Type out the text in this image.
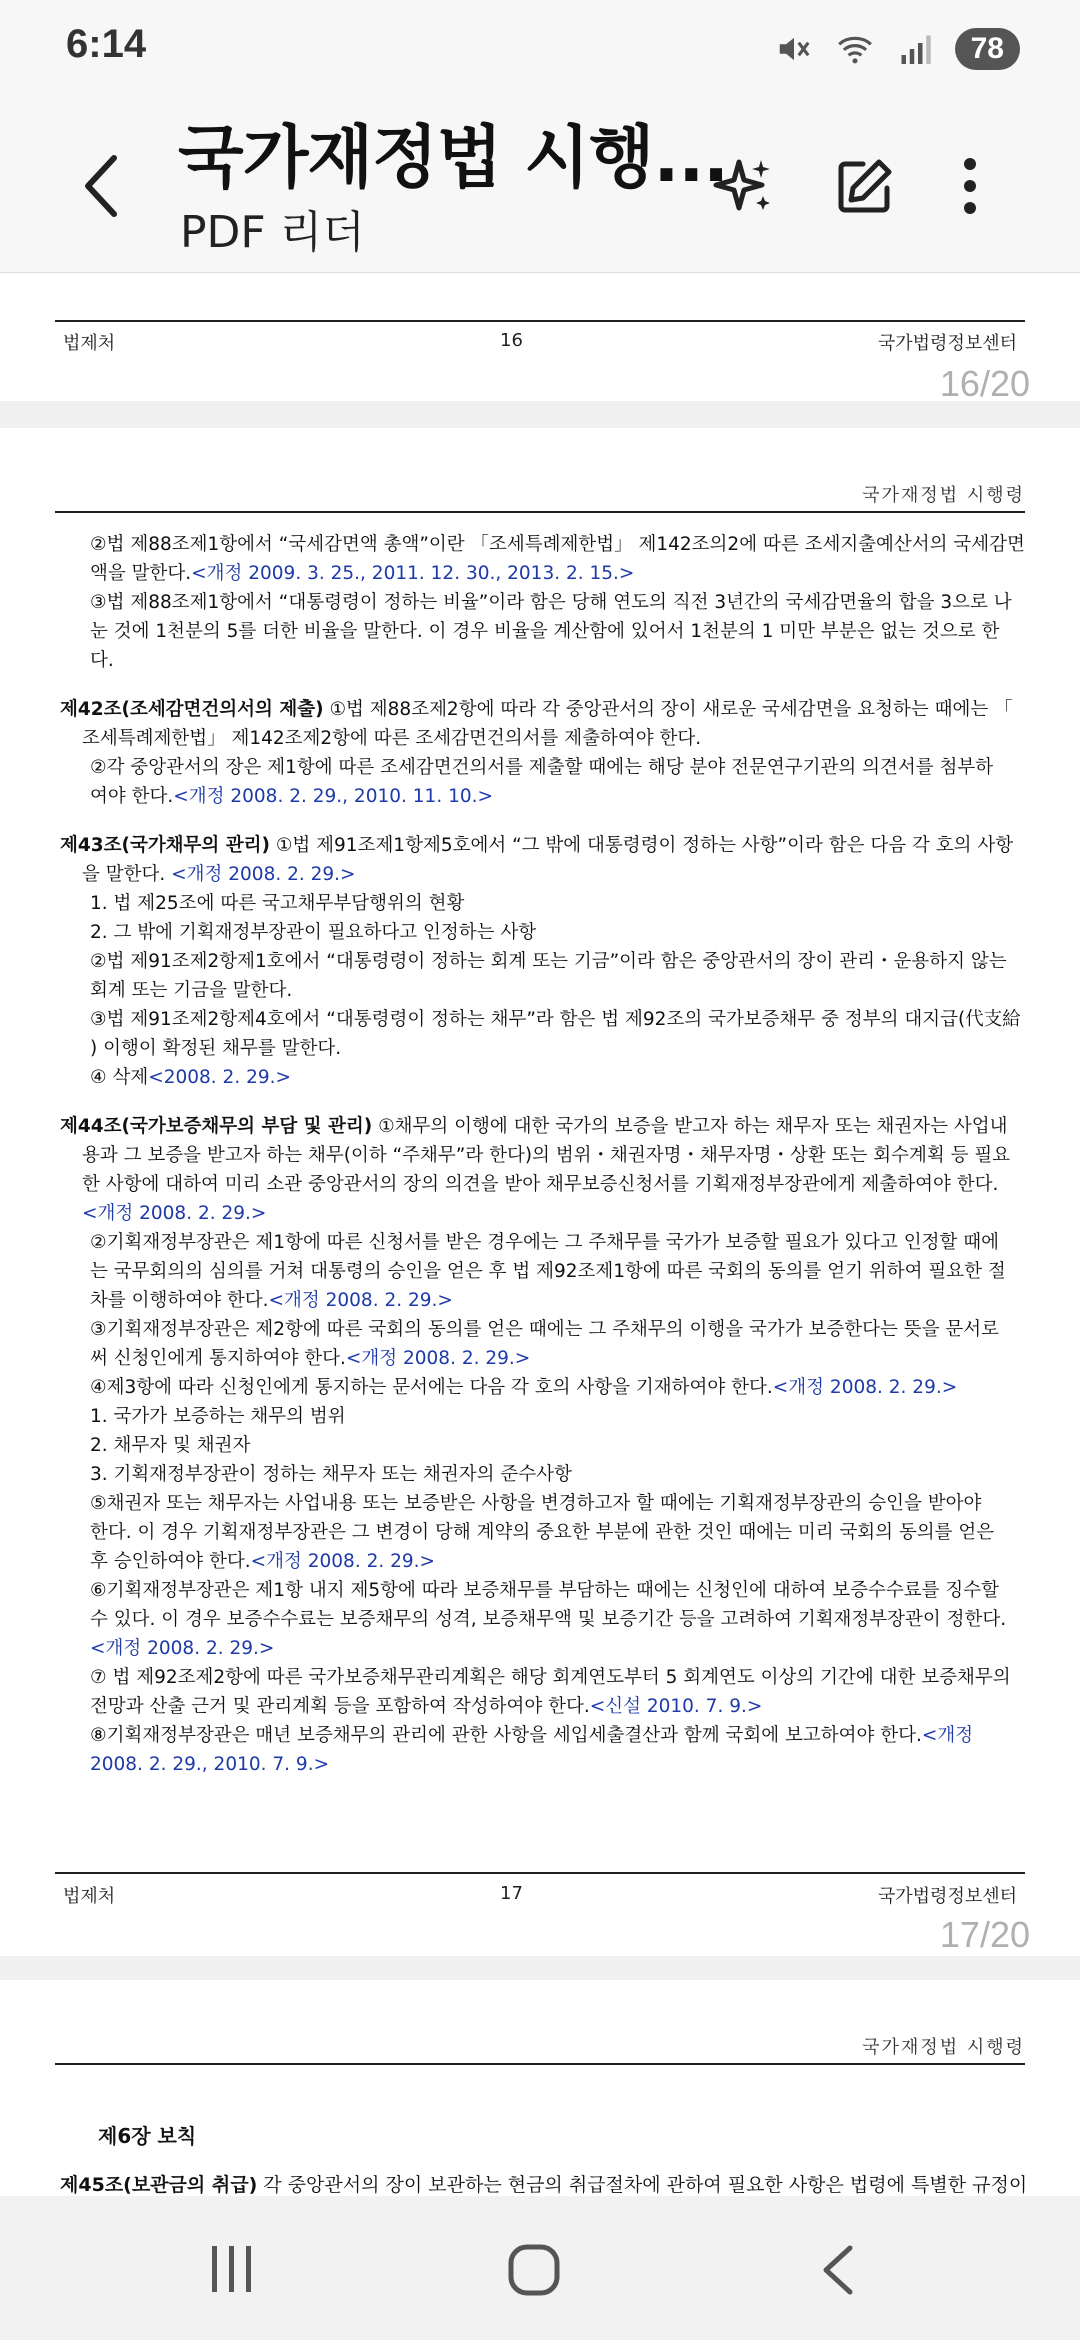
6:14	78
국가재정법 시행...
PDF 리더
법제처	16	국가법령정보센터
16/20
국가재정법 시행령
법제처	17	국가법령정보센터
17/20
②법 제88조제1항에서 “국세감면액 총액”이란 「조세특례제한법」 제142조의2에 따른 조세지출예산서의 국세감면
액을 말한다.<개정 2009. 3. 25., 2011. 12. 30., 2013. 2. 15.>
③법 제88조제1항에서 “대통령령이 정하는 비율”이라 함은 당해 연도의 직전 3년간의 국세감면율의 합을 3으로 나
눈 것에 1천분의 5를 더한 비율을 말한다. 이 경우 비율을 계산함에 있어서 1천분의 1 미만 부분은 없는 것으로 한
다.
제42조(조세감면건의서의 제출) ①법 제88조제2항에 따라 각 중앙관서의 장이 새로운 국세감면을 요청하는 때에는 「
조세특례제한법」 제142조제2항에 따른 조세감면건의서를 제출하여야 한다.
②각 중앙관서의 장은 제1항에 따른 조세감면건의서를 제출할 때에는 해당 분야 전문연구기관의 의견서를 첨부하
여야 한다.<개정 2008. 2. 29., 2010. 11. 10.>
제43조(국가채무의 관리) ①법 제91조제1항제5호에서 “그 밖에 대통령령이 정하는 사항”이라 함은 다음 각 호의 사항
을 말한다. <개정 2008. 2. 29.>
1. 법 제25조에 따른 국고채무부담행위의 현황
2. 그 밖에 기획재정부장관이 필요하다고 인정하는 사항
②법 제91조제2항제1호에서 “대통령령이 정하는 회계 또는 기금”이라 함은 중앙관서의 장이 관리・운용하지 않는
회계 또는 기금을 말한다.
③법 제91조제2항제4호에서 “대통령령이 정하는 채무”라 함은 법 제92조의 국가보증채무 중 정부의 대지급(代支給
) 이행이 확정된 채무를 말한다.
④ 삭제<2008. 2. 29.>
제44조(국가보증채무의 부담 및 관리) ①채무의 이행에 대한 국가의 보증을 받고자 하는 채무자 또는 채권자는 사업내
용과 그 보증을 받고자 하는 채무(이하 “주채무”라 한다)의 범위・채권자명・채무자명・상환 또는 회수계획 등 필요
한 사항에 대하여 미리 소관 중앙관서의 장의 의견을 받아 채무보증신청서를 기획재정부장관에게 제출하여야 한다.
<개정 2008. 2. 29.>
②기획재정부장관은 제1항에 따른 신청서를 받은 경우에는 그 주채무를 국가가 보증할 필요가 있다고 인정할 때에
는 국무회의의 심의를 거쳐 대통령의 승인을 얻은 후 법 제92조제1항에 따른 국회의 동의를 얻기 위하여 필요한 절
차를 이행하여야 한다.<개정 2008. 2. 29.>
③기획재정부장관은 제2항에 따른 국회의 동의를 얻은 때에는 그 주채무의 이행을 국가가 보증한다는 뜻을 문서로
써 신청인에게 통지하여야 한다.<개정 2008. 2. 29.>
④제3항에 따라 신청인에게 통지하는 문서에는 다음 각 호의 사항을 기재하여야 한다.<개정 2008. 2. 29.>
1. 국가가 보증하는 채무의 범위
2. 채무자 및 채권자
3. 기획재정부장관이 정하는 채무자 또는 채권자의 준수사항
⑤채권자 또는 채무자는 사업내용 또는 보증받은 사항을 변경하고자 할 때에는 기획재정부장관의 승인을 받아야
한다. 이 경우 기획재정부장관은 그 변경이 당해 계약의 중요한 부분에 관한 것인 때에는 미리 국회의 동의를 얻은
후 승인하여야 한다.<개정 2008. 2. 29.>
⑥기획재정부장관은 제1항 내지 제5항에 따라 보증채무를 부담하는 때에는 신청인에 대하여 보증수수료를 징수할
수 있다. 이 경우 보증수수료는 보증채무의 성격, 보증채무액 및 보증기간 등을 고려하여 기획재정부장관이 정한다.
<개정 2008. 2. 29.>
⑦ 법 제92조제2항에 따른 국가보증채무관리계획은 해당 회계연도부터 5 회계연도 이상의 기간에 대한 보증채무의
전망과 산출 근거 및 관리계획 등을 포함하여 작성하여야 한다.<신설 2010. 7. 9.>
⑧기획재정부장관은 매년 보증채무의 관리에 관한 사항을 세입세출결산과 함께 국회에 보고하여야 한다.<개정
2008. 2. 29., 2010. 7. 9.>
국가재정법 시행령
제6장 보칙
제45조(보관금의 취급) 각 중앙관서의 장이 보관하는 현금의 취급절차에 관하여 필요한 사항은 법령에 특별한 규정이
